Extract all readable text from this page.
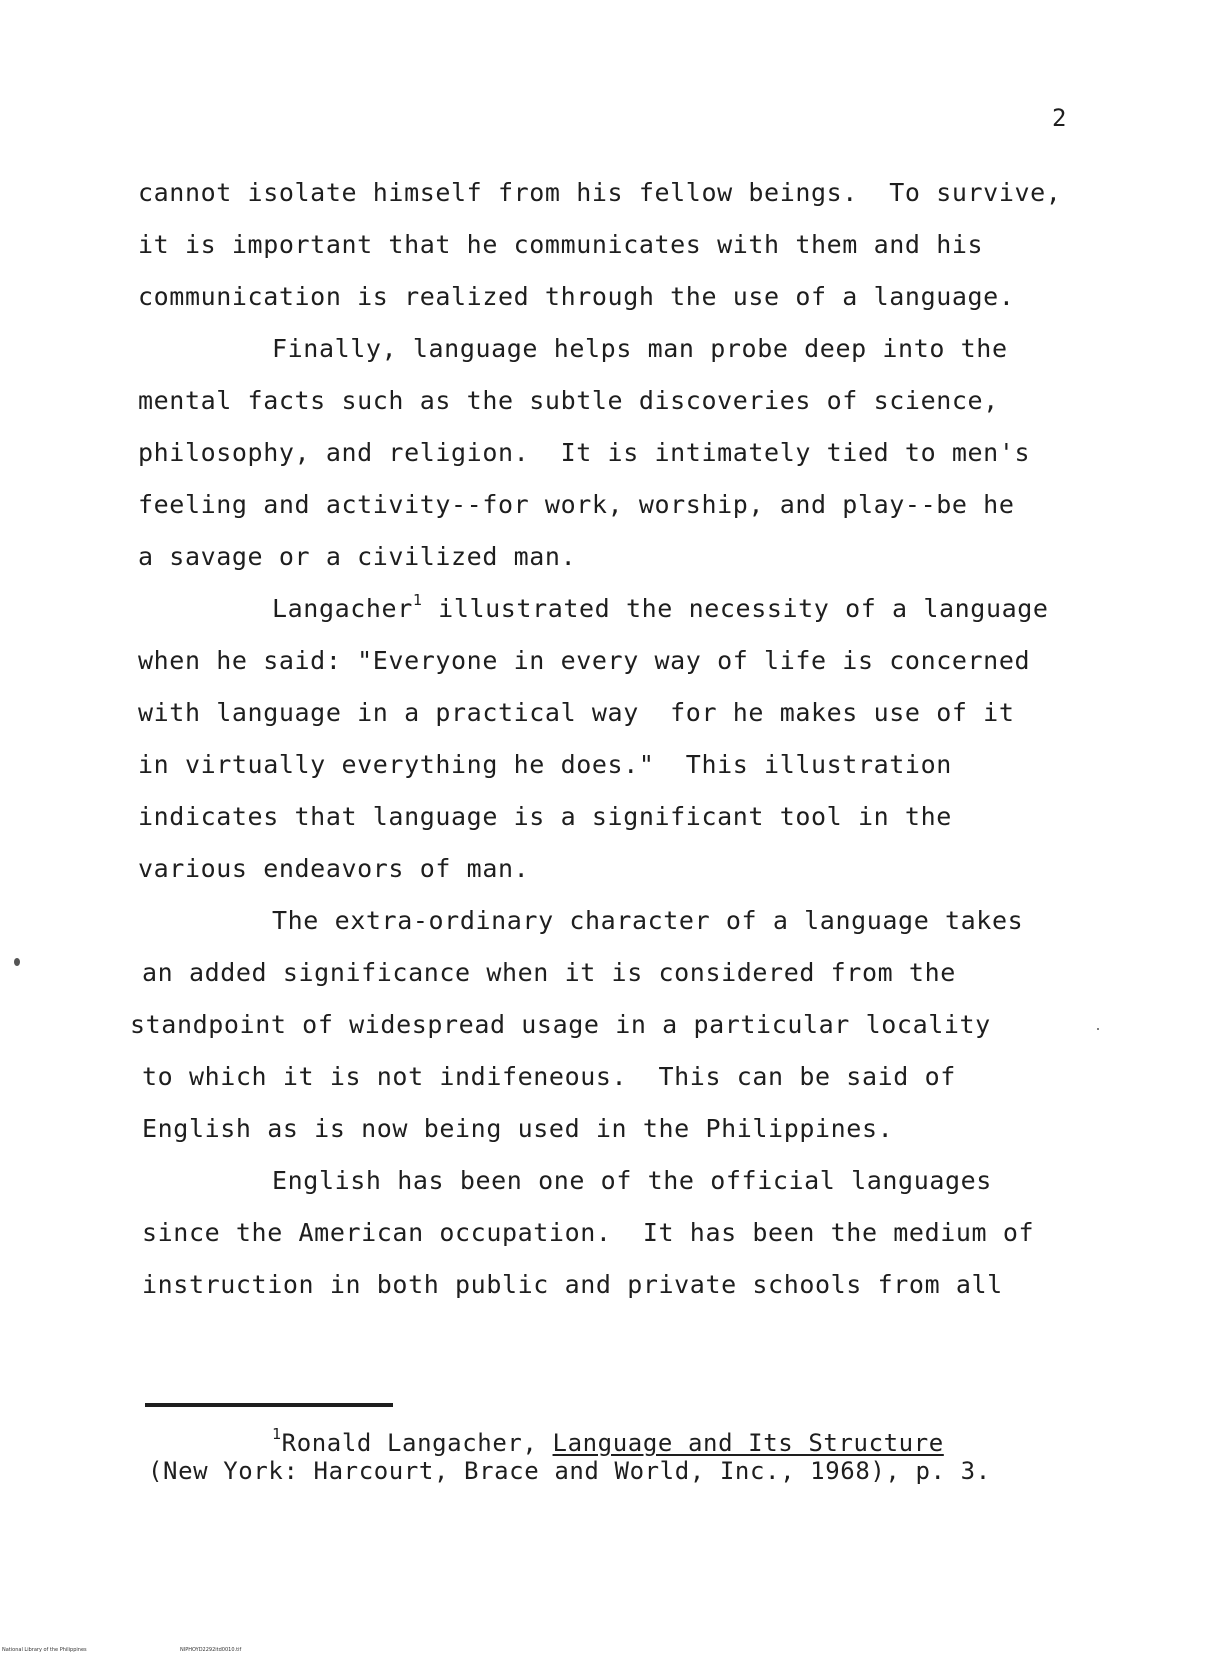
2
cannot isolate himself from his fellow beings.  To survive,
it is important that he communicates with them and his
communication is realized through the use of a language.
Finally, language helps man probe deep into the
mental facts such as the subtle discoveries of science,
philosophy, and religion.  It is intimately tied to men's
feeling and activity--for work, worship, and play--be he
a savage or a civilized man.
Langacher$^1$ illustrated the necessity of a language
when he said: "Everyone in every way of life is concerned
with language in a practical way  for he makes use of it
in virtually everything he does."  This illustration
indicates that language is a significant tool in the
various endeavors of man.
The extra-ordinary character of a language takes
an added significance when it is considered from the
standpoint of widespread usage in a particular locality
to which it is not indifeneous.  This can be said of
English as is now being used in the Philippines.
English has been one of the official languages
since the American occupation.  It has been the medium of
instruction in both public and private schools from all
$^1$Ronald Langacher, Language and Its Structure
(New York: Harcourt, Brace and World, Inc., 1968), p. 3.
National Library of the Philippines	NIPHOYD2292itd0010.tif
